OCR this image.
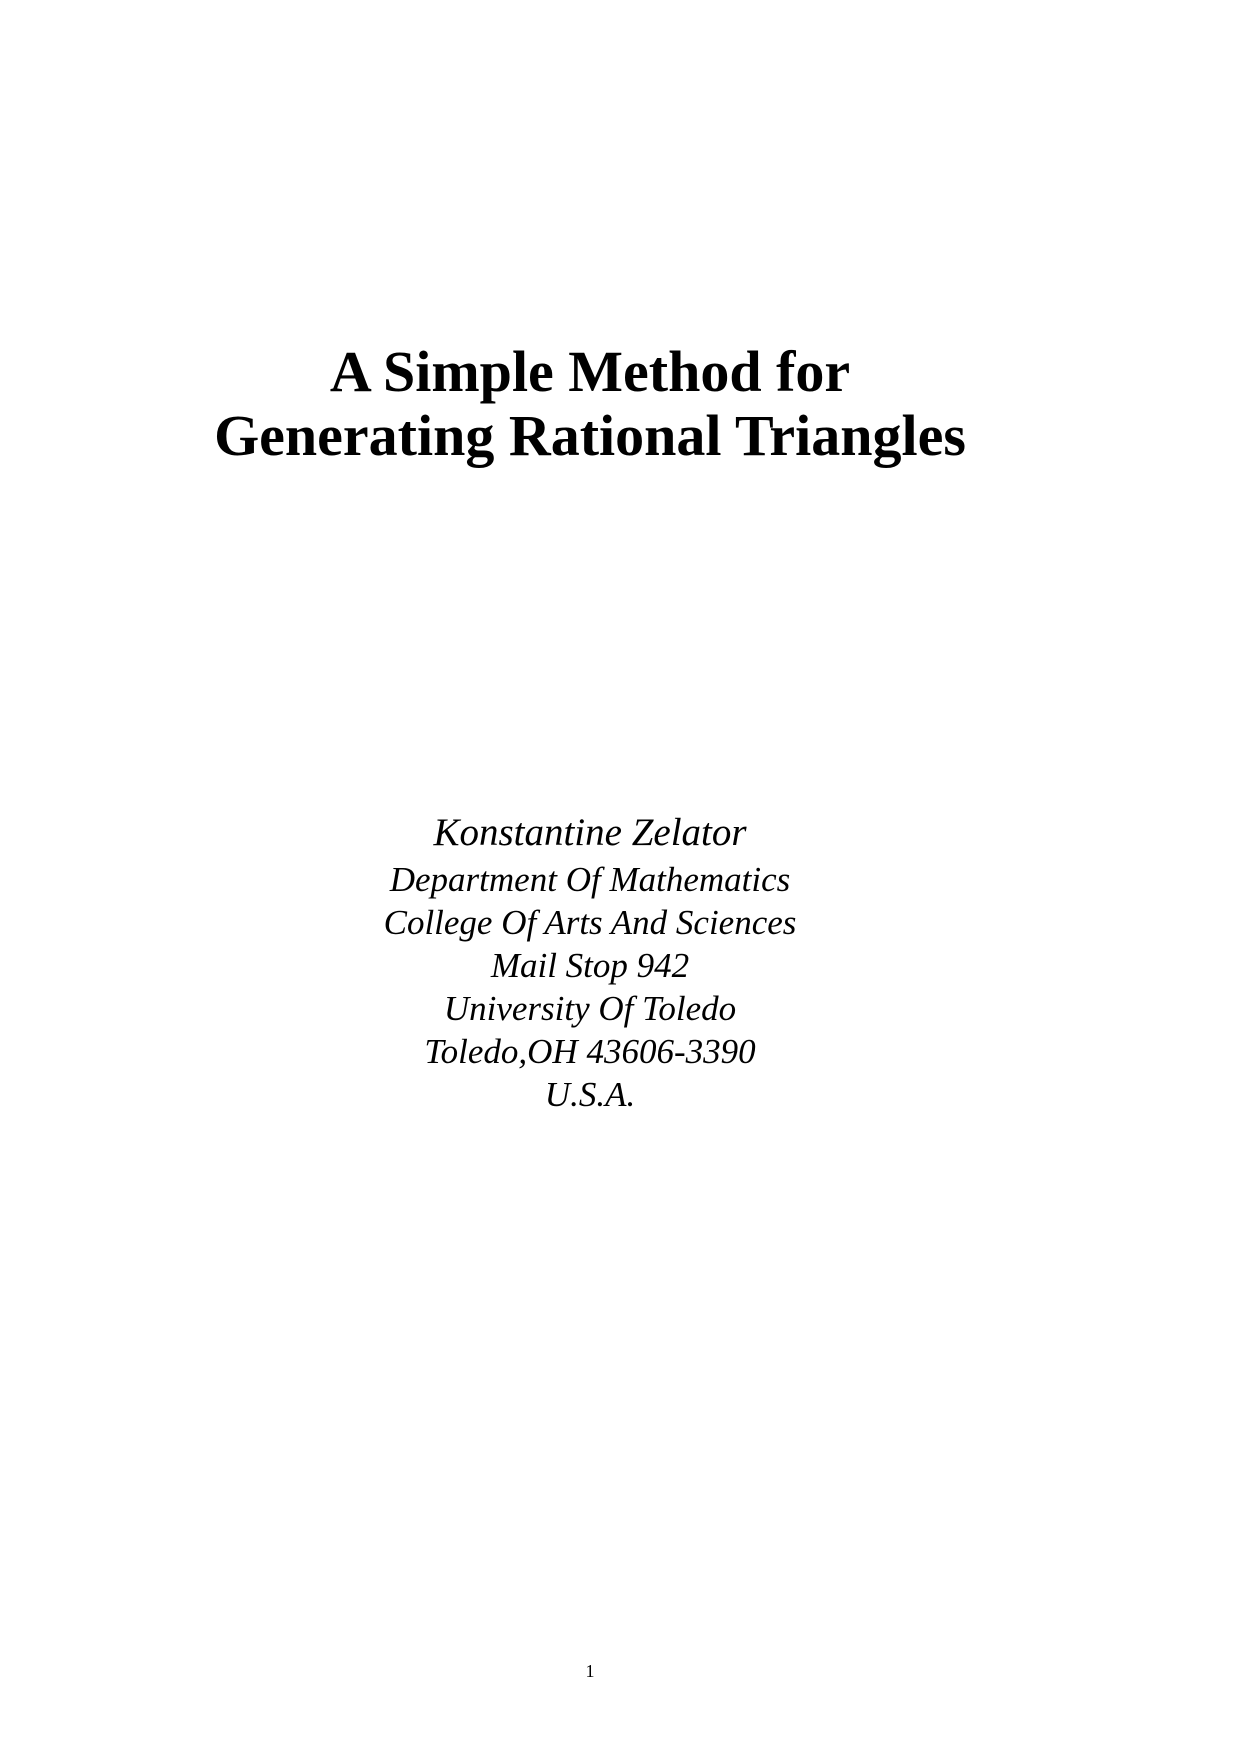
A Simple Method for
Generating Rational Triangles
Konstantine Zelator
Department Of Mathematics
College Of Arts And Sciences
Mail Stop 942
University Of Toledo
Toledo,OH 43606-3390
U.S.A.
1
